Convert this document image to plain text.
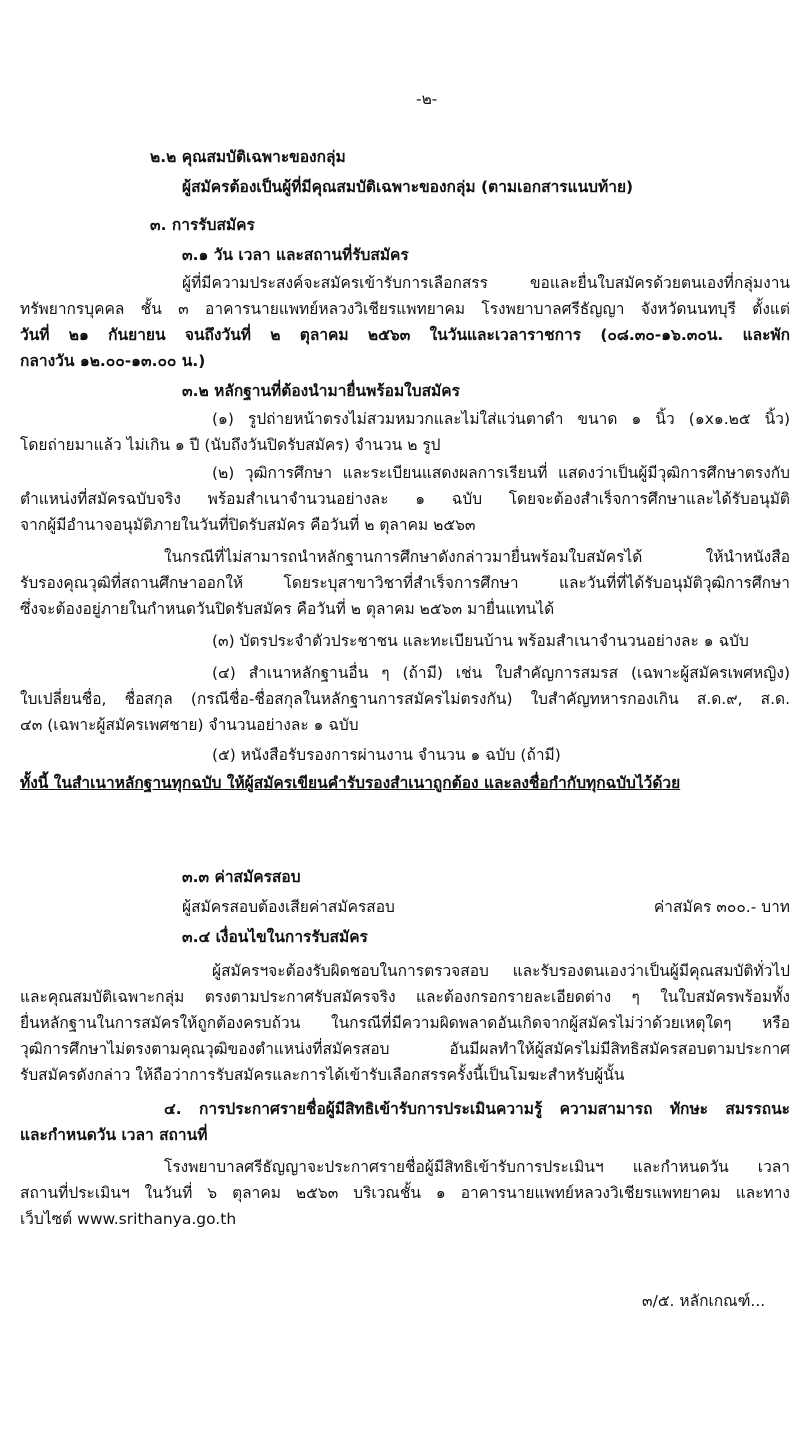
-๒-
๒.๒ คุณสมบัติเฉพาะของกลุ่ม
ผู้สมัครต้องเป็นผู้ที่มีคุณสมบัติเฉพาะของกลุ่ม (ตามเอกสารแนบท้าย)
๓. การรับสมัคร
๓.๑ วัน เวลา และสถานที่รับสมัคร
ผู้ที่มีความประสงค์จะสมัครเข้ารับการเลือกสรร ขอและยื่นใบสมัครด้วยตนเองที่กลุ่มงาน
ทรัพยากรบุคคล ชั้น ๓ อาคารนายแพทย์หลวงวิเชียรแพทยาคม โรงพยาบาลศรีธัญญา จังหวัดนนทบุรี ตั้งแต่
วันที่ ๒๑ กันยายน จนถึงวันที่ ๒ ตุลาคม ๒๕๖๓ ในวันและเวลาราชการ (๐๘.๓๐-๑๖.๓๐น. และพัก
กลางวัน ๑๒.๐๐-๑๓.๐๐ น.)
๓.๒ หลักฐานที่ต้องนำมายื่นพร้อมใบสมัคร
(๑) รูปถ่ายหน้าตรงไม่สวมหมวกและไม่ใส่แว่นตาดำ ขนาด ๑ นิ้ว (๑x๑.๒๕ นิ้ว)
โดยถ่ายมาแล้ว ไม่เกิน ๑ ปี (นับถึงวันปิดรับสมัคร) จำนวน ๒ รูป
(๒) วุฒิการศึกษา และระเบียนแสดงผลการเรียนที่ แสดงว่าเป็นผู้มีวุฒิการศึกษาตรงกับ
ตำแหน่งที่สมัครฉบับจริง พร้อมสำเนาจำนวนอย่างละ ๑ ฉบับ โดยจะต้องสำเร็จการศึกษาและได้รับอนุมัติ
จากผู้มีอำนาจอนุมัติภายในวันที่ปิดรับสมัคร คือวันที่ ๒ ตุลาคม ๒๕๖๓
ในกรณีที่ไม่สามารถนำหลักฐานการศึกษาดังกล่าวมายื่นพร้อมใบสมัครได้ ให้นำหนังสือ
รับรองคุณวุฒิที่สถานศึกษาออกให้ โดยระบุสาขาวิชาที่สำเร็จการศึกษา และวันที่ที่ได้รับอนุมัติวุฒิการศึกษา
ซึ่งจะต้องอยู่ภายในกำหนดวันปิดรับสมัคร คือวันที่ ๒ ตุลาคม ๒๕๖๓ มายื่นแทนได้
(๓) บัตรประจำตัวประชาชน และทะเบียนบ้าน พร้อมสำเนาจำนวนอย่างละ ๑ ฉบับ
(๔) สำเนาหลักฐานอื่น ๆ (ถ้ามี) เช่น ใบสำคัญการสมรส (เฉพาะผู้สมัครเพศหญิง)
ใบเปลี่ยนชื่อ, ชื่อสกุล (กรณีชื่อ-ชื่อสกุลในหลักฐานการสมัครไม่ตรงกัน) ใบสำคัญทหารกองเกิน ส.ด.๙, ส.ด.
๔๓ (เฉพาะผู้สมัครเพศชาย) จำนวนอย่างละ ๑ ฉบับ
(๕) หนังสือรับรองการผ่านงาน จำนวน ๑ ฉบับ (ถ้ามี)
ทั้งนี้ ในสำเนาหลักฐานทุกฉบับ ให้ผู้สมัครเขียนคำรับรองสำเนาถูกต้อง และลงชื่อกำกับทุกฉบับไว้ด้วย
๓.๓ ค่าสมัครสอบ
ผู้สมัครสอบต้องเสียค่าสมัครสอบ	ค่าสมัคร ๓๐๐.- บาท
๓.๔ เงื่อนไขในการรับสมัคร
ผู้สมัครฯจะต้องรับผิดชอบในการตรวจสอบ และรับรองตนเองว่าเป็นผู้มีคุณสมบัติทั่วไป
และคุณสมบัติเฉพาะกลุ่ม ตรงตามประกาศรับสมัครจริง และต้องกรอกรายละเอียดต่าง ๆ ในใบสมัครพร้อมทั้ง
ยื่นหลักฐานในการสมัครให้ถูกต้องครบถ้วน ในกรณีที่มีความผิดพลาดอันเกิดจากผู้สมัครไม่ว่าด้วยเหตุใดๆ หรือ
วุฒิการศึกษาไม่ตรงตามคุณวุฒิของตำแหน่งที่สมัครสอบ อันมีผลทำให้ผู้สมัครไม่มีสิทธิสมัครสอบตามประกาศ
รับสมัครดังกล่าว ให้ถือว่าการรับสมัครและการได้เข้ารับเลือกสรรครั้งนี้เป็นโมฆะสำหรับผู้นั้น
๔. การประกาศรายชื่อผู้มีสิทธิเข้ารับการประเมินความรู้ ความสามารถ ทักษะ สมรรถนะ
และกำหนดวัน เวลา สถานที่
โรงพยาบาลศรีธัญญาจะประกาศรายชื่อผู้มีสิทธิเข้ารับการประเมินฯ และกำหนดวัน เวลา
สถานที่ประเมินฯ ในวันที่ ๖ ตุลาคม ๒๕๖๓ บริเวณชั้น ๑ อาคารนายแพทย์หลวงวิเชียรแพทยาคม และทาง
เว็บไซต์ www.srithanya.go.th
๓/๕. หลักเกณฑ์...
